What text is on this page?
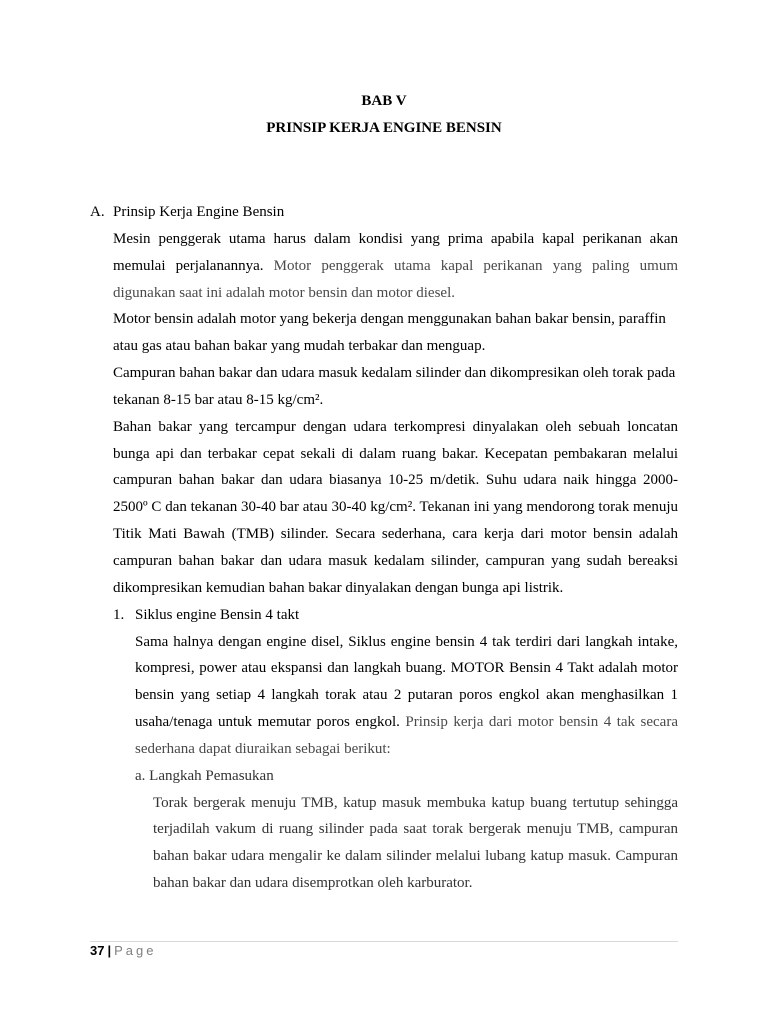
BAB V
PRINSIP KERJA ENGINE BENSIN
A. Prinsip Kerja Engine Bensin

Mesin penggerak utama harus dalam kondisi yang prima apabila kapal perikanan akan memulai perjalanannya. Motor penggerak utama kapal perikanan yang paling umum digunakan saat ini adalah motor bensin dan motor diesel.

Motor bensin adalah motor yang bekerja dengan menggunakan bahan bakar bensin, paraffin atau gas atau bahan bakar yang mudah terbakar dan menguap.

Campuran bahan bakar dan udara masuk kedalam silinder dan dikompresikan oleh torak pada tekanan 8-15 bar atau 8-15 kg/cm².

Bahan bakar yang tercampur dengan udara terkompresi dinyalakan oleh sebuah loncatan bunga api dan terbakar cepat sekali di dalam ruang bakar. Kecepatan pembakaran melalui campuran bahan bakar dan udara biasanya 10-25 m/detik. Suhu udara naik hingga 2000-2500º C dan tekanan 30-40 bar atau 30-40 kg/cm². Tekanan ini yang mendorong torak menuju Titik Mati Bawah (TMB) silinder. Secara sederhana, cara kerja dari motor bensin adalah campuran bahan bakar dan udara masuk kedalam silinder, campuran yang sudah bereaksi dikompresikan kemudian bahan bakar dinyalakan dengan bunga api listrik.

1. Siklus engine Bensin 4 takt

Sama halnya dengan engine disel, Siklus engine bensin 4 tak terdiri dari langkah intake, kompresi, power atau ekspansi dan langkah buang. MOTOR Bensin 4 Takt adalah motor bensin yang setiap 4 langkah torak atau 2 putaran poros engkol akan menghasilkan 1 usaha/tenaga untuk memutar poros engkol. Prinsip kerja dari motor bensin 4 tak secara sederhana dapat diuraikan sebagai berikut:

a. Langkah Pemasukan

Torak bergerak menuju TMB, katup masuk membuka katup buang tertutup sehingga terjadilah vakum di ruang silinder pada saat torak bergerak menuju TMB, campuran bahan bakar udara mengalir ke dalam silinder melalui lubang katup masuk. Campuran bahan bakar dan udara disemprotkan oleh karburator.

37 | Page
